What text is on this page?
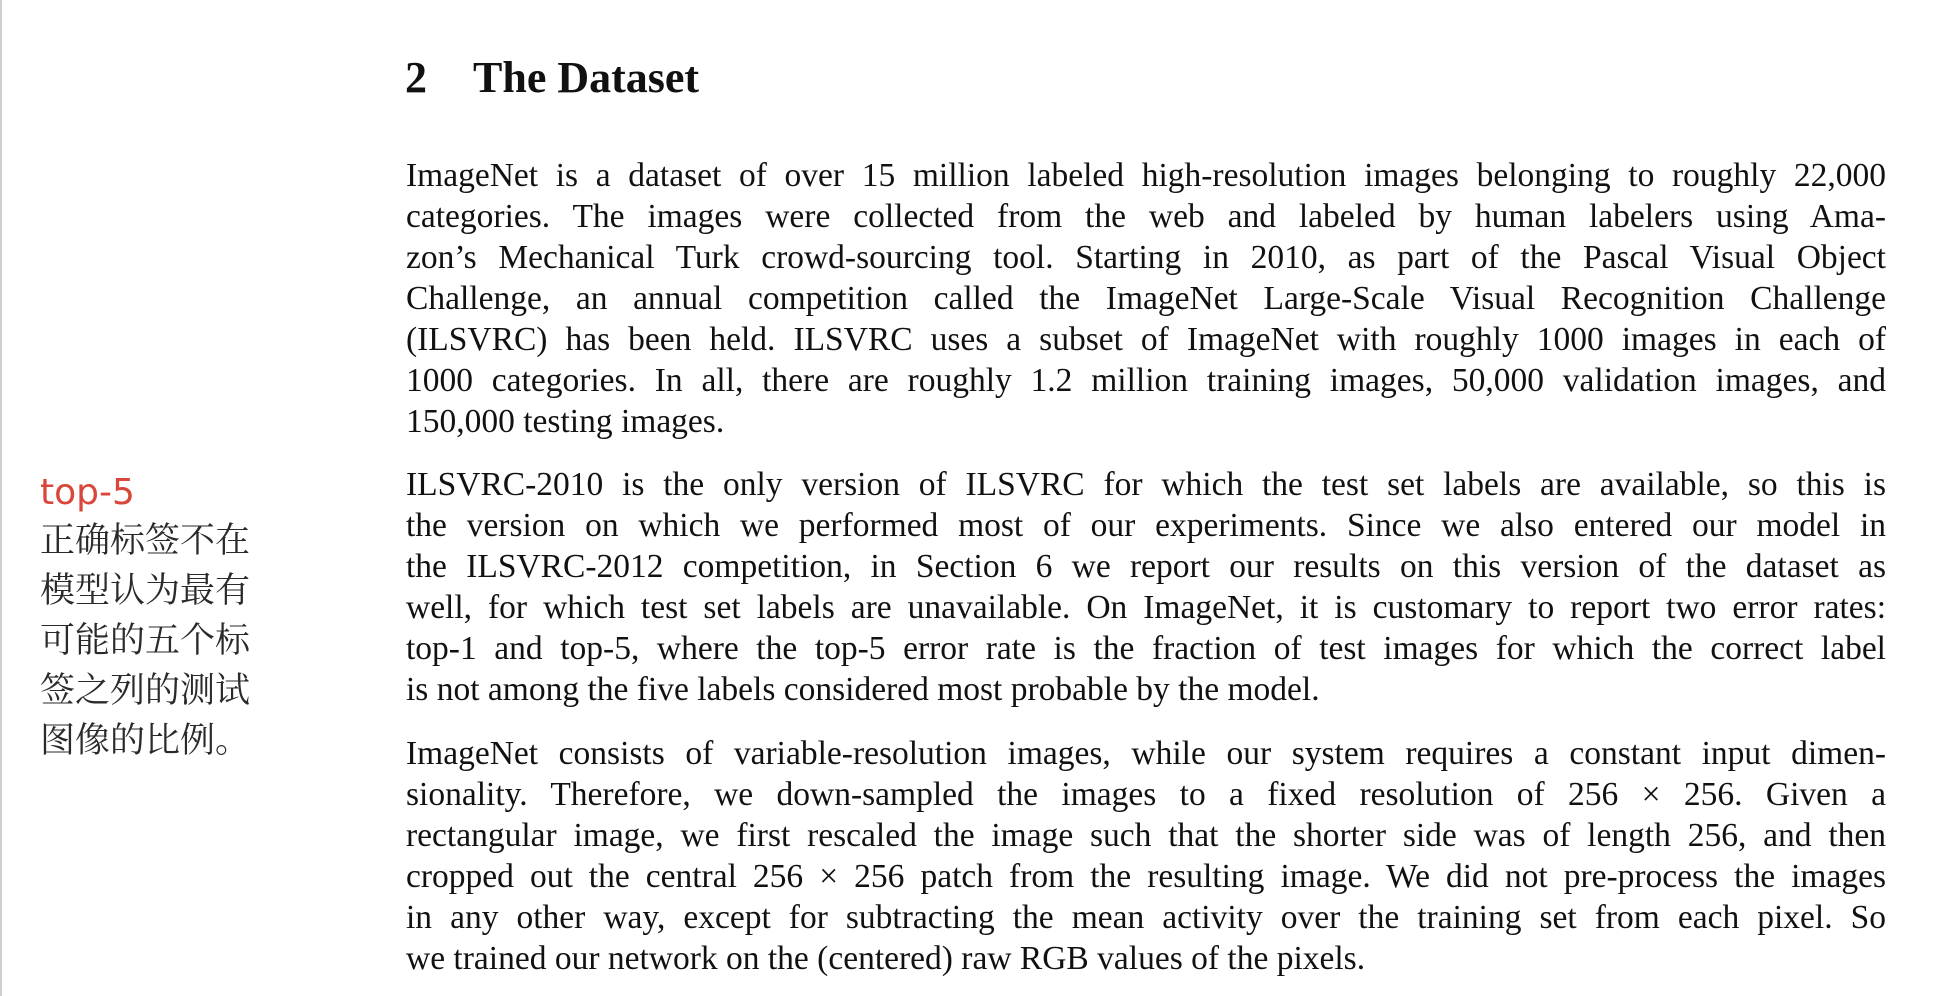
top-5
正确标签不在
模型认为最有
可能的五个标
签之列的测试
图像的比例。
2 The Dataset
ImageNet is a dataset of over 15 million labeled high-resolution images belonging to roughly 22,000
categories. The images were collected from the web and labeled by human labelers using Ama-
zon’s Mechanical Turk crowd-sourcing tool. Starting in 2010, as part of the Pascal Visual Object
Challenge, an annual competition called the ImageNet Large-Scale Visual Recognition Challenge
(ILSVRC) has been held. ILSVRC uses a subset of ImageNet with roughly 1000 images in each of
1000 categories. In all, there are roughly 1.2 million training images, 50,000 validation images, and
150,000 testing images.
ILSVRC-2010 is the only version of ILSVRC for which the test set labels are available, so this is
the version on which we performed most of our experiments. Since we also entered our model in
the ILSVRC-2012 competition, in Section 6 we report our results on this version of the dataset as
well, for which test set labels are unavailable. On ImageNet, it is customary to report two error rates:
top-1 and top-5, where the top-5 error rate is the fraction of test images for which the correct label
is not among the five labels considered most probable by the model.
ImageNet consists of variable-resolution images, while our system requires a constant input dimen-
sionality. Therefore, we down-sampled the images to a fixed resolution of 256 × 256. Given a
rectangular image, we first rescaled the image such that the shorter side was of length 256, and then
cropped out the central 256 × 256 patch from the resulting image. We did not pre-process the images
in any other way, except for subtracting the mean activity over the training set from each pixel. So
we trained our network on the (centered) raw RGB values of the pixels.
